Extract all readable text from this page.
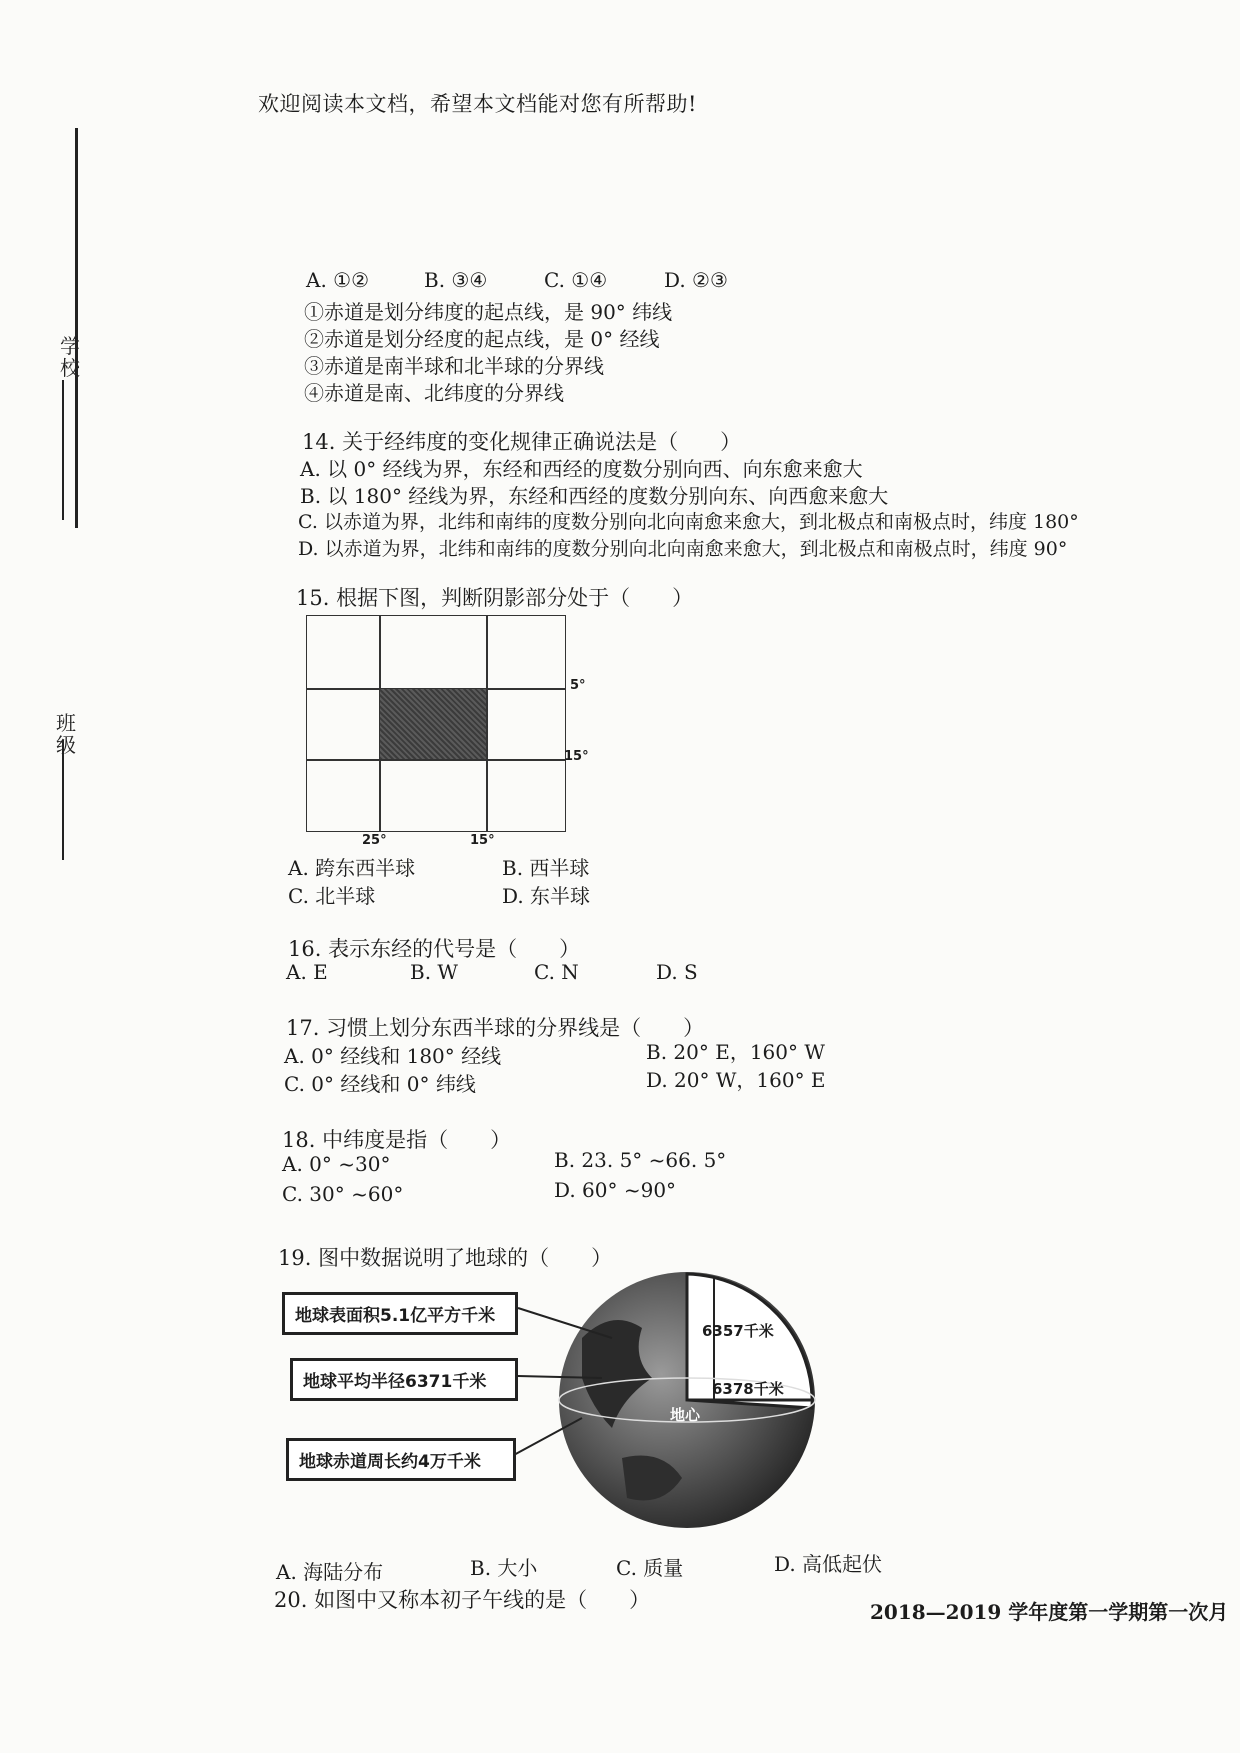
欢迎阅读本文档，希望本文档能对您有所帮助!
学校
班级
A. ①②	B. ③④	C. ①④	D. ②③
①赤道是划分纬度的起点线，是 90° 纬线
②赤道是划分经度的起点线，是 0° 经线
③赤道是南半球和北半球的分界线
④赤道是南、北纬度的分界线
14. 关于经纬度的变化规律正确说法是（　　）
A. 以 0° 经线为界，东经和西经的度数分别向西、向东愈来愈大
B. 以 180° 经线为界，东经和西经的度数分别向东、向西愈来愈大
C. 以赤道为界，北纬和南纬的度数分别向北向南愈来愈大，到北极点和南极点时，纬度 180°
D. 以赤道为界，北纬和南纬的度数分别向北向南愈来愈大，到北极点和南极点时，纬度 90°
15. 根据下图，判断阴影部分处于（　　）
5°
15°
25°	15°
A. 跨东西半球	B. 西半球
C. 北半球	D. 东半球
16. 表示东经的代号是（　　）
A. E	B. W	C. N	D. S
17. 习惯上划分东西半球的分界线是（　　）
A. 0° 经线和 180° 经线	B. 20° E，160° W
C. 0° 经线和 0° 纬线	D. 20° W，160° E
18. 中纬度是指（　　）
A. 0° ~30°	B. 23. 5° ~66. 5°
C. 30° ~60°	D. 60° ~90°
19. 图中数据说明了地球的（　　）
地球表面积5.1亿平方千米
地球平均半径6371千米
地球赤道周长约4万千米
6357千米
6378千米
地心
A. 海陆分布	B. 大小	C. 质量	D. 高低起伏
20. 如图中又称本初子午线的是（　　）	2018—2019 学年度第一学期第一次月
